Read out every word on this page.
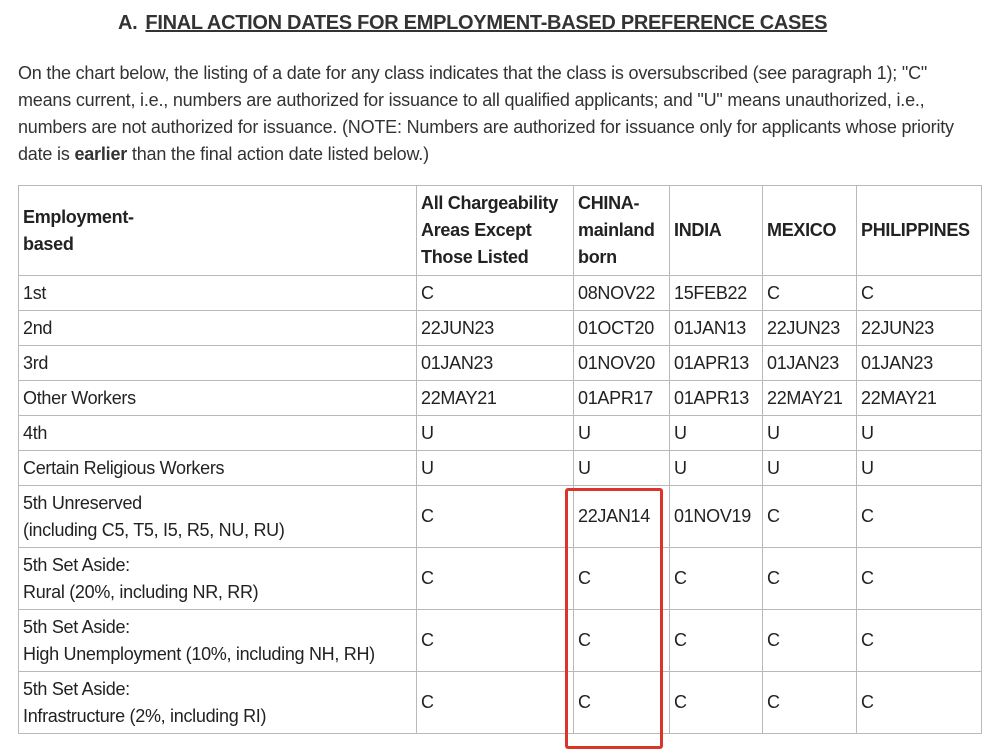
A. FINAL ACTION DATES FOR EMPLOYMENT-BASED PREFERENCE CASES

On the chart below, the listing of a date for any class indicates that the class is oversubscribed (see paragraph 1); "C" means current, i.e., numbers are authorized for issuance to all qualified applicants; and "U" means unauthorized, i.e., numbers are not authorized for issuance. (NOTE: Numbers are authorized for issuance only for applicants whose priority date is earlier than the final action date listed below.)

Employment-
based	All Chargeability
Areas Except
Those Listed	CHINA-
mainland
born	INDIA	MEXICO	PHILIPPINES
1st	C	08NOV22	15FEB22	C	C
2nd	22JUN23	01OCT20	01JAN13	22JUN23	22JUN23
3rd	01JAN23	01NOV20	01APR13	01JAN23	01JAN23
Other Workers	22MAY21	01APR17	01APR13	22MAY21	22MAY21
4th	U	U	U	U	U
Certain Religious Workers	U	U	U	U	U
5th Unreserved
(including C5, T5, I5, R5, NU, RU)	C	22JAN14	01NOV19	C	C
5th Set Aside:
Rural (20%, including NR, RR)	C	C	C	C	C
5th Set Aside:
High Unemployment (10%, including NH, RH)	C	C	C	C	C
5th Set Aside:
Infrastructure (2%, including RI)	C	C	C	C	C
